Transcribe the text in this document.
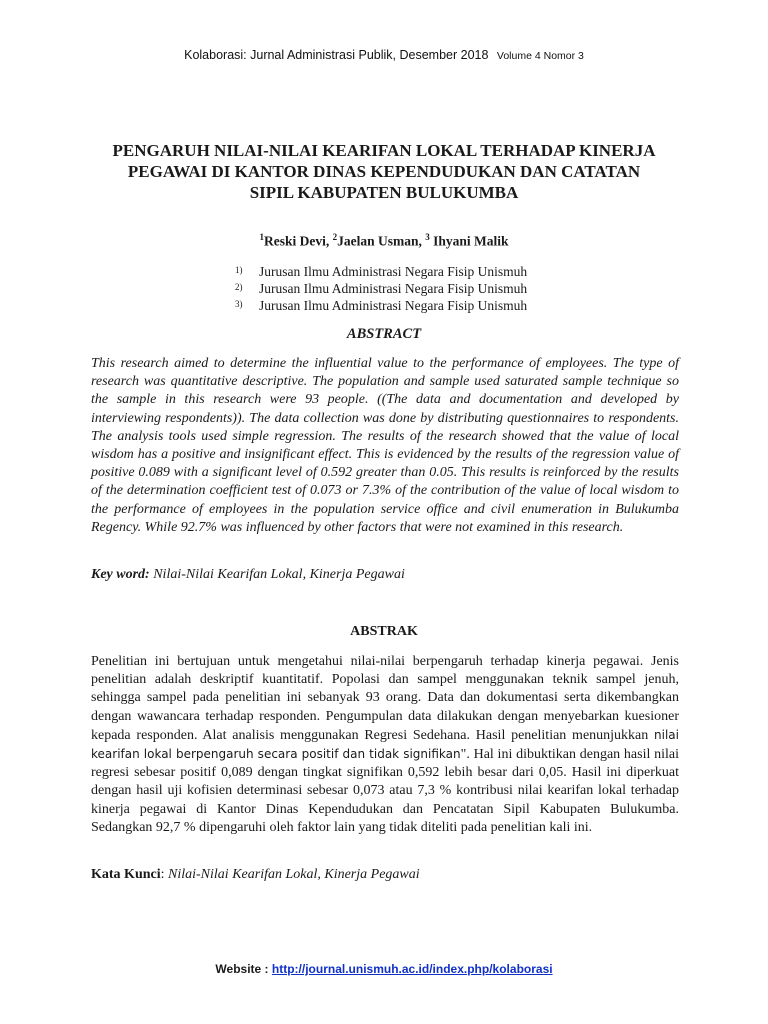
Kolaborasi: Jurnal Administrasi Publik, Desember 2018 Volume 4 Nomor 3
PENGARUH NILAI-NILAI KEARIFAN LOKAL TERHADAP KINERJA
PEGAWAI DI KANTOR DINAS KEPENDUDUKAN DAN CATATAN
SIPIL KABUPATEN BULUKUMBA
$^1$Reski Devi, $^2$Jaelan Usman, $^3$ Ihyani Malik
1) Jurusan Ilmu Administrasi Negara Fisip Unismuh
2) Jurusan Ilmu Administrasi Negara Fisip Unismuh
3) Jurusan Ilmu Administrasi Negara Fisip Unismuh
ABSTRACT
This research aimed to determine the influential value to the performance of employees. The type of research was quantitative descriptive. The population and sample used saturated sample technique so the sample in this research were 93 people. ((The data and documentation and developed by interviewing respondents)). The data collection was done by distributing questionnaires to respondents. The analysis tools used simple regression. The results of the research showed that the value of local wisdom has a positive and insignificant effect. This is evidenced by the results of the regression value of positive 0.089 with a significant level of 0.592 greater than 0.05. This results is reinforced by the results of the determination coefficient test of 0.073 or 7.3% of the contribution of the value of local wisdom to the performance of employees in the population service office and civil enumeration in Bulukumba Regency. While 92.7% was influenced by other factors that were not examined in this research.
Key word: Nilai-Nilai Kearifan Lokal, Kinerja Pegawai
ABSTRAK
Penelitian ini bertujuan untuk mengetahui nilai-nilai berpengaruh terhadap kinerja pegawai. Jenis penelitian adalah deskriptif kuantitatif. Popolasi dan sampel menggunakan teknik sampel jenuh, sehingga sampel pada penelitian ini sebanyak 93 orang. Data dan dokumentasi serta dikembangkan dengan wawancara terhadap responden. Pengumpulan data dilakukan dengan menyebarkan kuesioner kepada responden. Alat analisis menggunakan Regresi Sedehana. Hasil penelitian menunjukkan nilai kearifan lokal berpengaruh secara positif dan tidak signifikan". Hal ini dibuktikan dengan hasil nilai regresi sebesar positif 0,089 dengan tingkat signifikan 0,592 lebih besar dari 0,05. Hasil ini diperkuat dengan hasil uji kofisien determinasi sebesar 0,073 atau 7,3 % kontribusi nilai kearifan lokal terhadap kinerja pegawai di Kantor Dinas Kependudukan dan Pencatatan Sipil Kabupaten Bulukumba. Sedangkan 92,7 % dipengaruhi oleh faktor lain yang tidak diteliti pada penelitian kali ini.
Kata Kunci: Nilai-Nilai Kearifan Lokal, Kinerja Pegawai
Website : http://journal.unismuh.ac.id/index.php/kolaborasi
